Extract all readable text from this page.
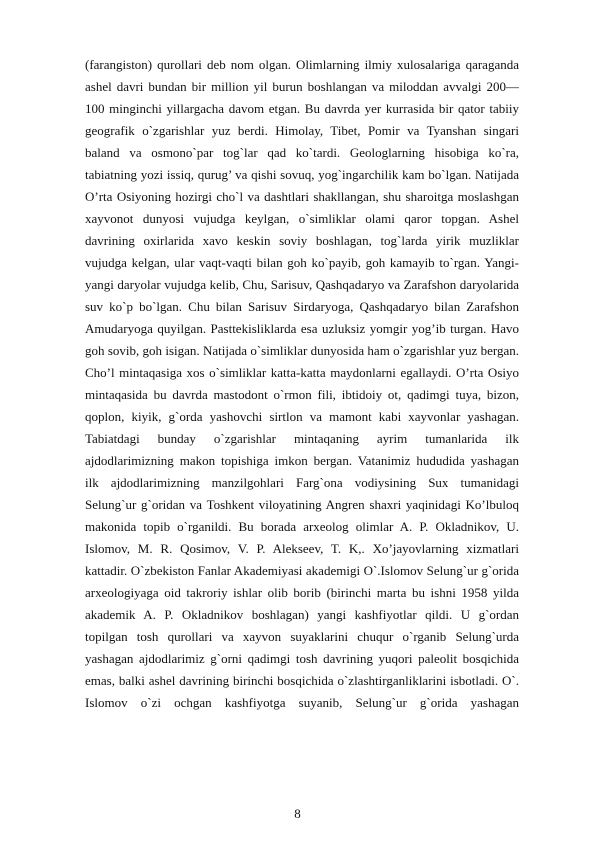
(farangiston) qurollari deb nom olgan. Olimlarning ilmiy xulosalariga qaraganda
ashel davri bundan bir million yil burun boshlangan va miloddan avvalgi 200—
100 minginchi yillargacha davom etgan. Bu davrda yer kurrasida bir qator tabiiy
geografik o`zgarishlar yuz berdi. Himolay, Tibet, Pomir va Tyanshan singari
baland va osmono`par tog`lar qad ko`tardi. Geologlarning hisobiga ko`ra,
tabiatning yozi issiq, qurug’ va qishi sovuq, yog`ingarchilik kam bo`lgan. Natijada
O’rta Osiyoning hozirgi cho`l va dashtlari shakllangan, shu sharoitga moslashgan
xayvonot dunyosi vujudga keylgan, o`simliklar olami qaror topgan. Ashel
davrining oxirlarida xavo keskin soviy boshlagan, tog`larda yirik muzliklar
vujudga kelgan, ular vaqt-vaqti bilan goh ko`payib, goh kamayib to`rgan. Yangi-
yangi daryolar vujudga kelib, Chu, Sarisuv, Qashqadaryo va Zarafshon daryolarida
suv ko`p bo`lgan. Chu bilan Sarisuv Sirdaryoga, Qashqadaryo bilan Zarafshon
Amudaryoga quyilgan. Pasttekisliklarda esa uzluksiz yomgir yog’ib turgan. Havo
goh sovib, goh isigan. Natijada o`simliklar dunyosida ham o`zgarishlar yuz bergan.
Cho’l mintaqasiga xos o`simliklar katta-katta maydonlarni egallaydi. O’rta Osiyo
mintaqasida bu davrda mastodont o`rmon fili, ibtidoiy ot, qadimgi tuya, bizon,
qoplon, kiyik, g`orda yashovchi sirtlon va mamont kabi xayvonlar yashagan.
Tabiatdagi bunday o`zgarishlar mintaqaning ayrim tumanlarida ilk
ajdodlarimizning makon topishiga imkon bergan. Vatanimiz hududida yashagan
ilk ajdodlarimizning manzilgohlari Farg`ona vodiysining Sux tumanidagi
Selung`ur g`oridan va Toshkent viloyatining Angren shaxri yaqinidagi Ko’lbuloq
makonida topib o`rganildi. Bu borada arxeolog olimlar A. P. Okladnikov, U.
Islomov, M. R. Qosimov, V. P. Alekseev, T. K,. Xo’jayovlarning xizmatlari
kattadir. O`zbekiston Fanlar Akademiyasi akademigi O`.Islomov Selung`ur g`orida
arxeologiyaga oid takroriy ishlar olib borib (birinchi marta bu ishni 1958 yilda
akademik A. P. Okladnikov boshlagan) yangi kashfiyotlar qildi. U g`ordan
topilgan tosh qurollari va xayvon suyaklarini chuqur o`rganib Selung`urda
yashagan ajdodlarimiz g`orni qadimgi tosh davrining yuqori paleolit bosqichida
emas, balki ashel davrining birinchi bosqichida o`zlashtirganliklarini isbotladi. O`.
Islomov o`zi ochgan kashfiyotga suyanib, Selung`ur g`orida yashagan
8
